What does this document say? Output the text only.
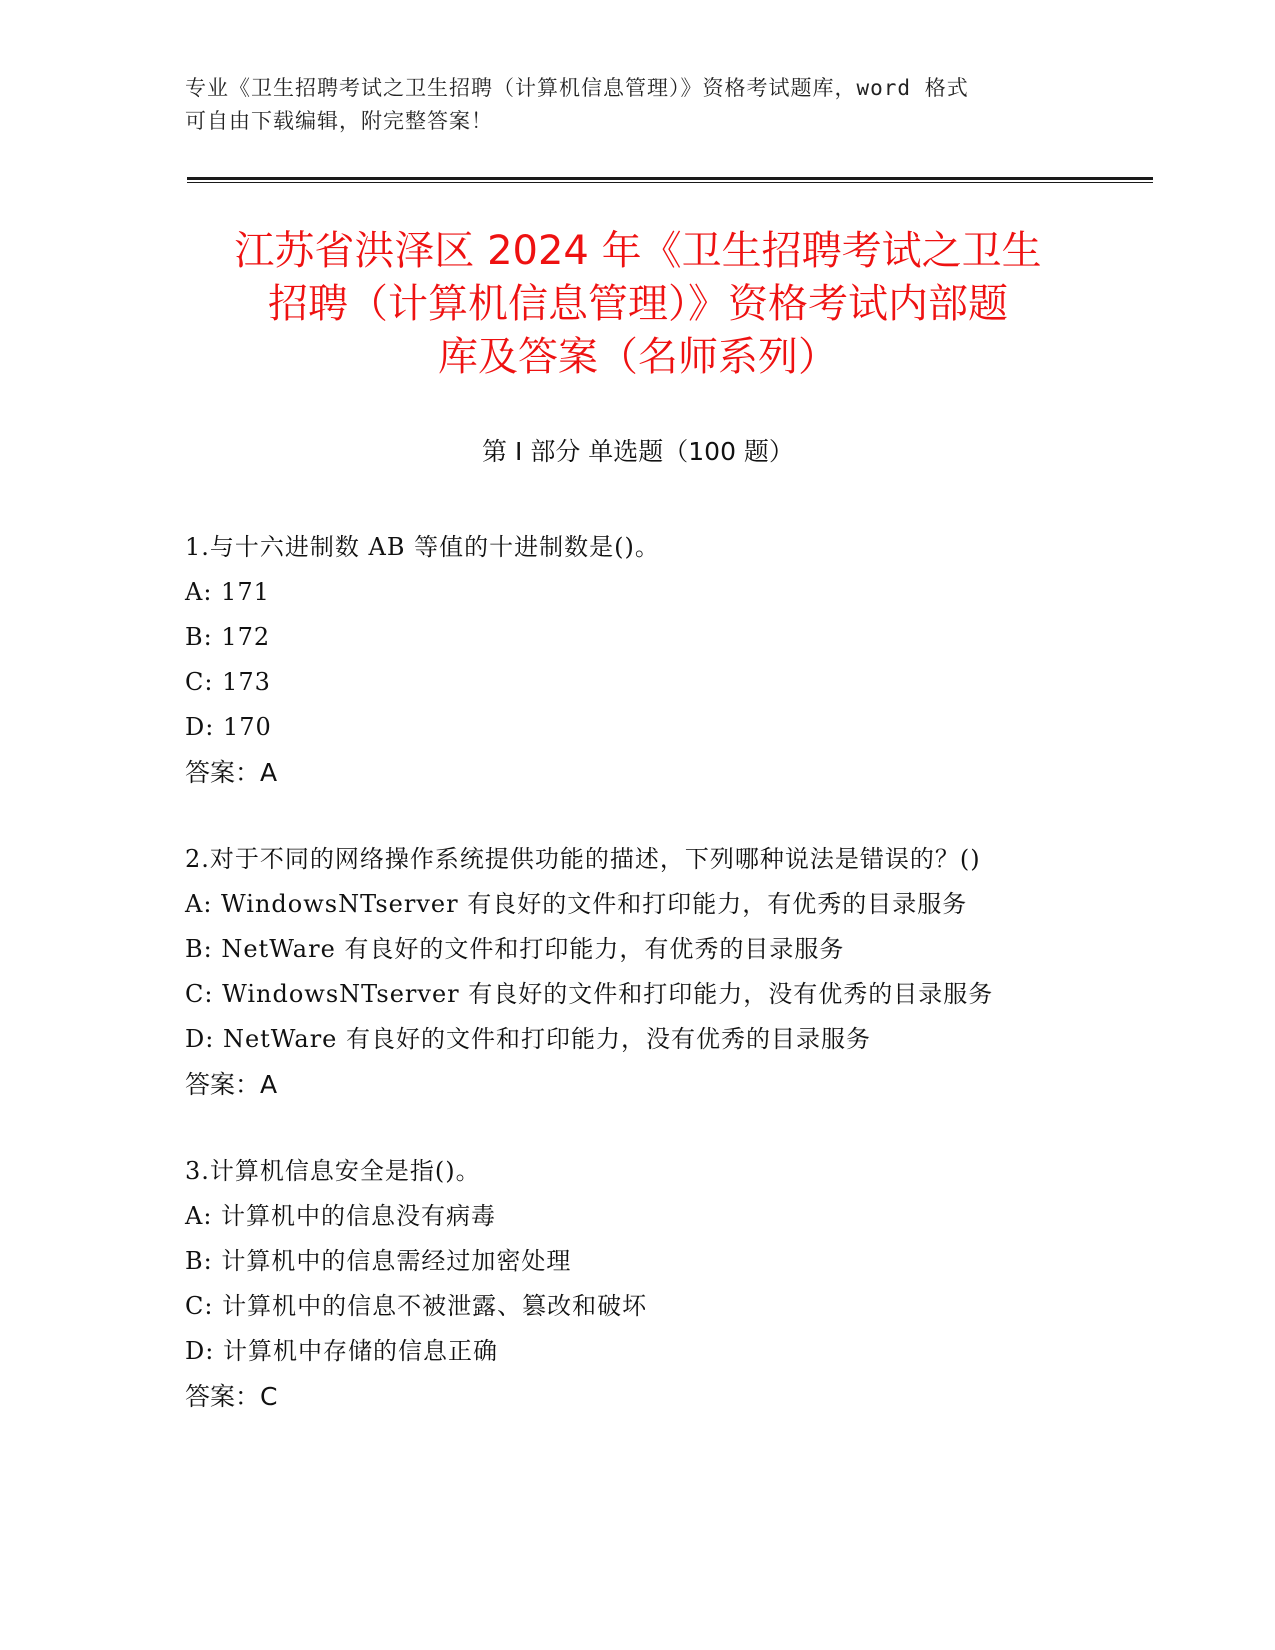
专业《卫生招聘考试之卫生招聘（计算机信息管理）》资格考试题库，word 格式
可自由下载编辑，附完整答案！
江苏省洪泽区 2024 年《卫生招聘考试之卫生
招聘（计算机信息管理）》资格考试内部题
库及答案（名师系列）
第 I 部分 单选题（100 题）
1.与十六进制数 AB 等值的十进制数是()。
A: 171
B: 172
C: 173
D: 170
答案：A
2.对于不同的网络操作系统提供功能的描述，下列哪种说法是错误的？()
A: WindowsNTserver 有良好的文件和打印能力，有优秀的目录服务
B: NetWare 有良好的文件和打印能力，有优秀的目录服务
C: WindowsNTserver 有良好的文件和打印能力，没有优秀的目录服务
D: NetWare 有良好的文件和打印能力，没有优秀的目录服务
答案：A
3.计算机信息安全是指()。
A: 计算机中的信息没有病毒
B: 计算机中的信息需经过加密处理
C: 计算机中的信息不被泄露、篡改和破坏
D: 计算机中存储的信息正确
答案：C
